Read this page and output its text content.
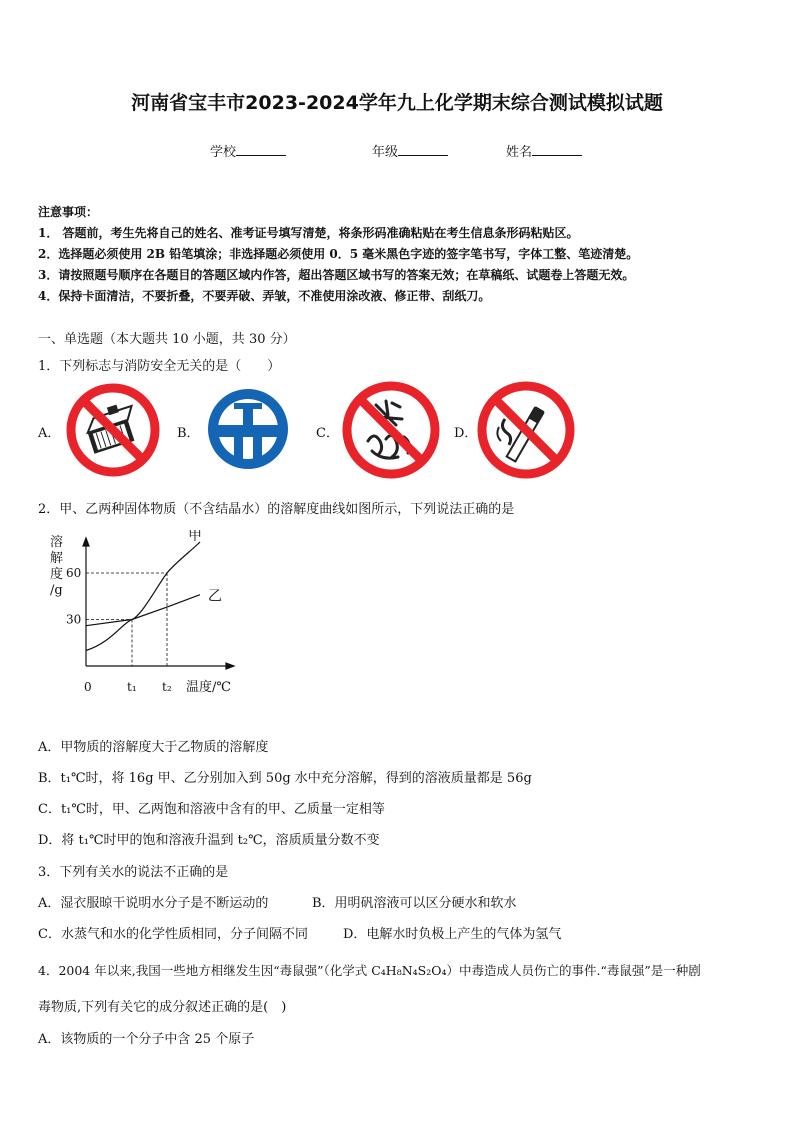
河南省宝丰市2023-2024学年九上化学期末综合测试模拟试题
学校	年级	姓名
注意事项：
1． 答题前，考生先将自己的姓名、准考证号填写清楚，将条形码准确粘贴在考生信息条形码粘贴区。
2．选择题必须使用 2B 铅笔填涂；非选择题必须使用 0．5 毫米黑色字迹的签字笔书写，字体工整、笔迹清楚。
3．请按照题号顺序在各题目的答题区域内作答，超出答题区域书写的答案无效；在草稿纸、试题卷上答题无效。
4．保持卡面清洁，不要折叠，不要弄破、弄皱，不准使用涂改液、修正带、刮纸刀。
一、单选题（本大题共 10 小题，共 30 分）
1．下列标志与消防安全无关的是（　　）
A．	B．	C．	D．
2．甲、乙两种固体物质（不含结晶水）的溶解度曲线如图所示，下列说法正确的是
溶
解
度
/g
0	t₁ t₂ 温度/℃
60
30
甲
乙
A．甲物质的溶解度大于乙物质的溶解度
B．t₁℃时，将 16g 甲、乙分别加入到 50g 水中充分溶解，得到的溶液质量都是 56g
C．t₁℃时，甲、乙两饱和溶液中含有的甲、乙质量一定相等
D．将 t₁℃时甲的饱和溶液升温到 t₂℃，溶质质量分数不变
3．下列有关水的说法不正确的是
A．湿衣服晾干说明水分子是不断运动的	B．用明矾溶液可以区分硬水和软水
C．水蒸气和水的化学性质相同，分子间隔不同	D．电解水时负极上产生的气体为氢气
4．2004 年以来,我国一些地方相继发生因“毒鼠强”（化学式 C₄H₈N₄S₂O₄）中毒造成人员伤亡的事件.“毒鼠强”是一种剧
毒物质,下列有关它的成分叙述正确的是(　)
A．该物质的一个分子中含 25 个原子
